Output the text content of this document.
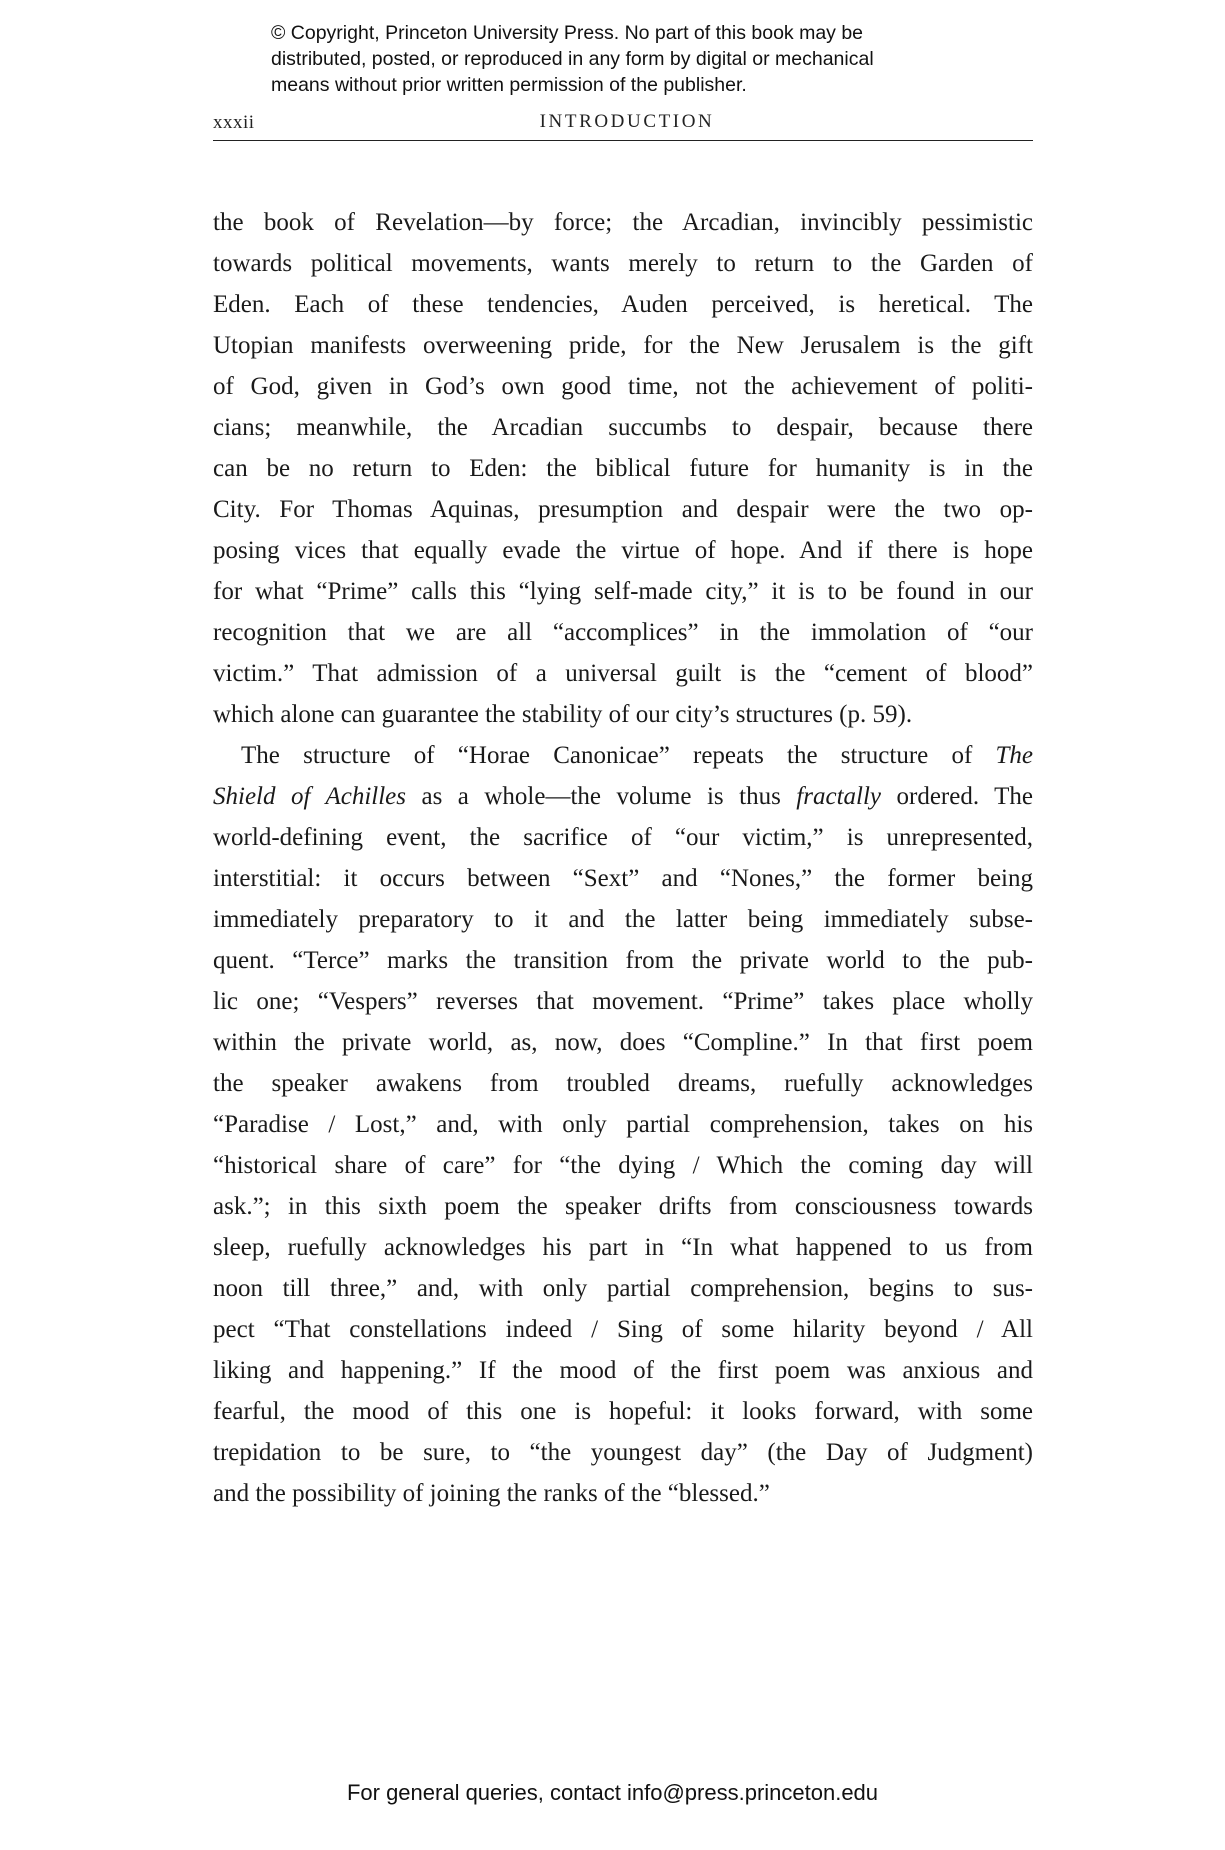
© Copyright, Princeton University Press. No part of this book may be
distributed, posted, or reproduced in any form by digital or mechanical
means without prior written permission of the publisher.
xxxii	INTRODUCTION
the book of Revelation—by force; the Arcadian, invincibly pessimistic
towards political movements, wants merely to return to the Garden of
Eden. Each of these tendencies, Auden perceived, is heretical. The
Utopian manifests overweening pride, for the New Jerusalem is the gift
of God, given in God’s own good time, not the achievement of politi-
cians; meanwhile, the Arcadian succumbs to despair, because there
can be no return to Eden: the biblical future for humanity is in the
City. For Thomas Aquinas, presumption and despair were the two op-
posing vices that equally evade the virtue of hope. And if there is hope
for what “Prime” calls this “lying self-made city,” it is to be found in our
recognition that we are all “accomplices” in the immolation of “our
victim.” That admission of a universal guilt is the “cement of blood”
which alone can guarantee the stability of our city’s structures (p. 59).
The structure of “Horae Canonicae” repeats the structure of The
Shield of Achilles as a whole—the volume is thus fractally ordered. The
world-defining event, the sacrifice of “our victim,” is unrepresented,
interstitial: it occurs between “Sext” and “Nones,” the former being
immediately preparatory to it and the latter being immediately subse-
quent. “Terce” marks the transition from the private world to the pub-
lic one; “Vespers” reverses that movement. “Prime” takes place wholly
within the private world, as, now, does “Compline.” In that first poem
the speaker awakens from troubled dreams, ruefully acknowledges
“Paradise / Lost,” and, with only partial comprehension, takes on his
“historical share of care” for “the dying / Which the coming day will
ask.”; in this sixth poem the speaker drifts from consciousness towards
sleep, ruefully acknowledges his part in “In what happened to us from
noon till three,” and, with only partial comprehension, begins to sus-
pect “That constellations indeed / Sing of some hilarity beyond / All
liking and happening.” If the mood of the first poem was anxious and
fearful, the mood of this one is hopeful: it looks forward, with some
trepidation to be sure, to “the youngest day” (the Day of Judgment)
and the possibility of joining the ranks of the “blessed.”
For general queries, contact info@press.princeton.edu
